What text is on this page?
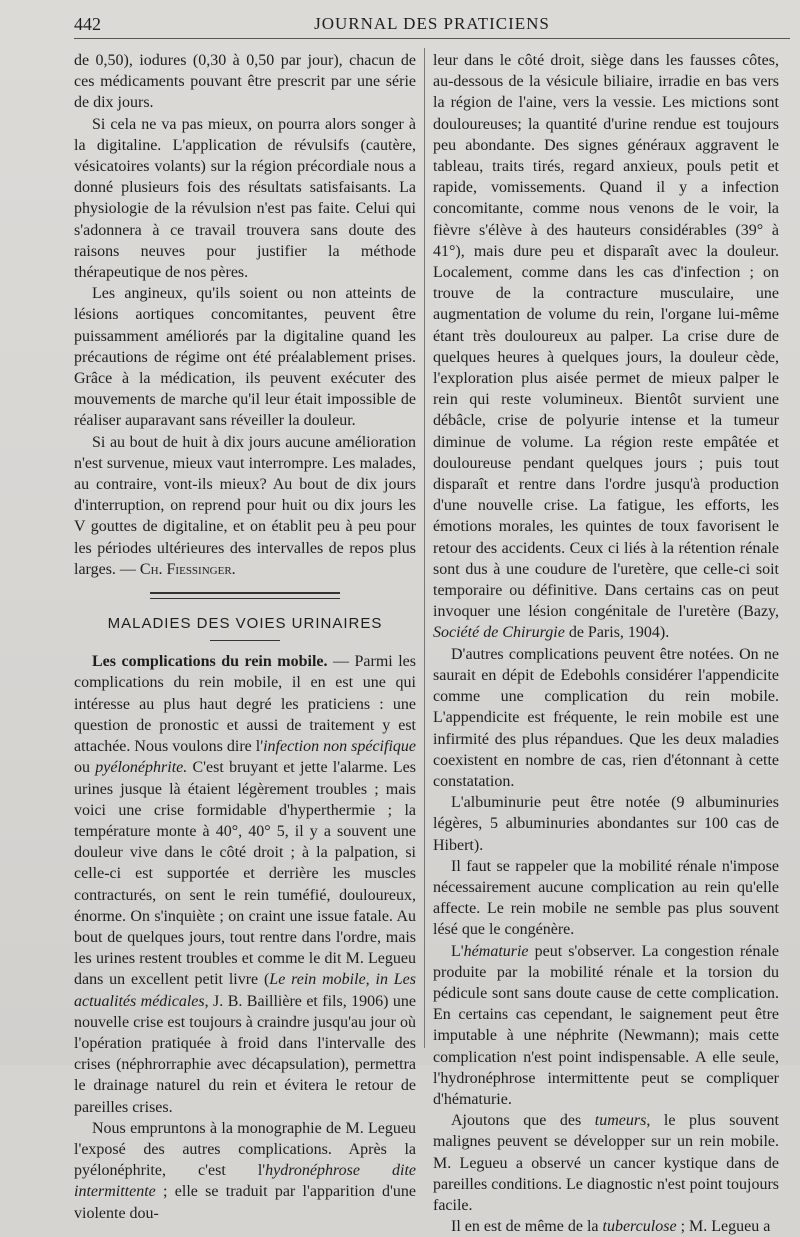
442	JOURNAL DES PRATICIENS

de 0,50), iodures (0,30 à 0,50 par jour), chacun de ces médicaments pouvant être prescrit par une série de dix jours.

Si cela ne va pas mieux, on pourra alors songer à la digitaline. L'application de révulsifs (cautère, vésicatoires volants) sur la région précordiale nous a donné plusieurs fois des résultats satisfaisants. La physiologie de la révulsion n'est pas faite. Celui qui s'adonnera à ce travail trouvera sans doute des raisons neuves pour justifier la méthode thérapeutique de nos pères.

Les angineux, qu'ils soient ou non atteints de lésions aortiques concomitantes, peuvent être puissamment améliorés par la digitaline quand les précautions de régime ont été préalablement prises. Grâce à la médication, ils peuvent exécuter des mouvements de marche qu'il leur était impossible de réaliser auparavant sans réveiller la douleur.

Si au bout de huit à dix jours aucune amélioration n'est survenue, mieux vaut interrompre. Les malades, au contraire, vont-ils mieux? Au bout de dix jours d'interruption, on reprend pour huit ou dix jours les V gouttes de digitaline, et on établit peu à peu pour les périodes ultérieures des intervalles de repos plus larges. — Ch. Fiessinger.

MALADIES DES VOIES URINAIRES

Les complications du rein mobile. — Parmi les complications du rein mobile, il en est une qui intéresse au plus haut degré les praticiens : une question de pronostic et aussi de traitement y est attachée. Nous voulons dire l'infection non spécifique ou pyélonéphrite. C'est bruyant et jette l'alarme. Les urines jusque là étaient légèrement troubles ; mais voici une crise formidable d'hyperthermie ; la température monte à 40°, 40° 5, il y a souvent une douleur vive dans le côté droit ; à la palpation, si celle-ci est supportée et derrière les muscles contracturés, on sent le rein tuméfié, douloureux, énorme. On s'inquiète ; on craint une issue fatale. Au bout de quelques jours, tout rentre dans l'ordre, mais les urines restent troubles et comme le dit M. Legueu dans un excellent petit livre (Le rein mobile, in Les actualités médicales, J. B. Baillière et fils, 1906) une nouvelle crise est toujours à craindre jusqu'au jour où l'opération pratiquée à froid dans l'intervalle des crises (néphrorraphie avec décapsulation), permettra le drainage naturel du rein et évitera le retour de pareilles crises.

Nous empruntons à la monographie de M. Legueu l'exposé des autres complications. Après la pyélonéphrite, c'est l'hydronéphrose dite intermittente ; elle se traduit par l'apparition d'une violente dou-

leur dans le côté droit, siège dans les fausses côtes, au-dessous de la vésicule biliaire, irradie en bas vers la région de l'aine, vers la vessie. Les mictions sont douloureuses; la quantité d'urine rendue est toujours peu abondante. Des signes généraux aggravent le tableau, traits tirés, regard anxieux, pouls petit et rapide, vomissements. Quand il y a infection concomitante, comme nous venons de le voir, la fièvre s'élève à des hauteurs considérables (39° à 41°), mais dure peu et disparaît avec la douleur. Localement, comme dans les cas d'infection ; on trouve de la contracture musculaire, une augmentation de volume du rein, l'organe lui-même étant très douloureux au palper. La crise dure de quelques heures à quelques jours, la douleur cède, l'exploration plus aisée permet de mieux palper le rein qui reste volumineux. Bientôt survient une débâcle, crise de polyurie intense et la tumeur diminue de volume. La région reste empâtée et douloureuse pendant quelques jours ; puis tout disparaît et rentre dans l'ordre jusqu'à production d'une nouvelle crise. La fatigue, les efforts, les émotions morales, les quintes de toux favorisent le retour des accidents. Ceux ci liés à la rétention rénale sont dus à une coudure de l'uretère, que celle-ci soit temporaire ou définitive. Dans certains cas on peut invoquer une lésion congénitale de l'uretère (Bazy, Société de Chirurgie de Paris, 1904).

D'autres complications peuvent être notées. On ne saurait en dépit de Edebohls considérer l'appendicite comme une complication du rein mobile. L'appendicite est fréquente, le rein mobile est une infirmité des plus répandues. Que les deux maladies coexistent en nombre de cas, rien d'étonnant à cette constatation.

L'albuminurie peut être notée (9 albuminuries légères, 5 albuminuries abondantes sur 100 cas de Hibert).

Il faut se rappeler que la mobilité rénale n'impose nécessairement aucune complication au rein qu'elle affecte. Le rein mobile ne semble pas plus souvent lésé que le congénère.

L'hématurie peut s'observer. La congestion rénale produite par la mobilité rénale et la torsion du pédicule sont sans doute cause de cette complication. En certains cas cependant, le saignement peut être imputable à une néphrite (Newmann); mais cette complication n'est point indispensable. A elle seule, l'hydronéphrose intermittente peut se compliquer d'hématurie.

Ajoutons que des tumeurs, le plus souvent malignes peuvent se développer sur un rein mobile. M. Legueu a observé un cancer kystique dans de pareilles conditions. Le diagnostic n'est point toujours facile.

Il en est de même de la tuberculose ; M. Legueu a
